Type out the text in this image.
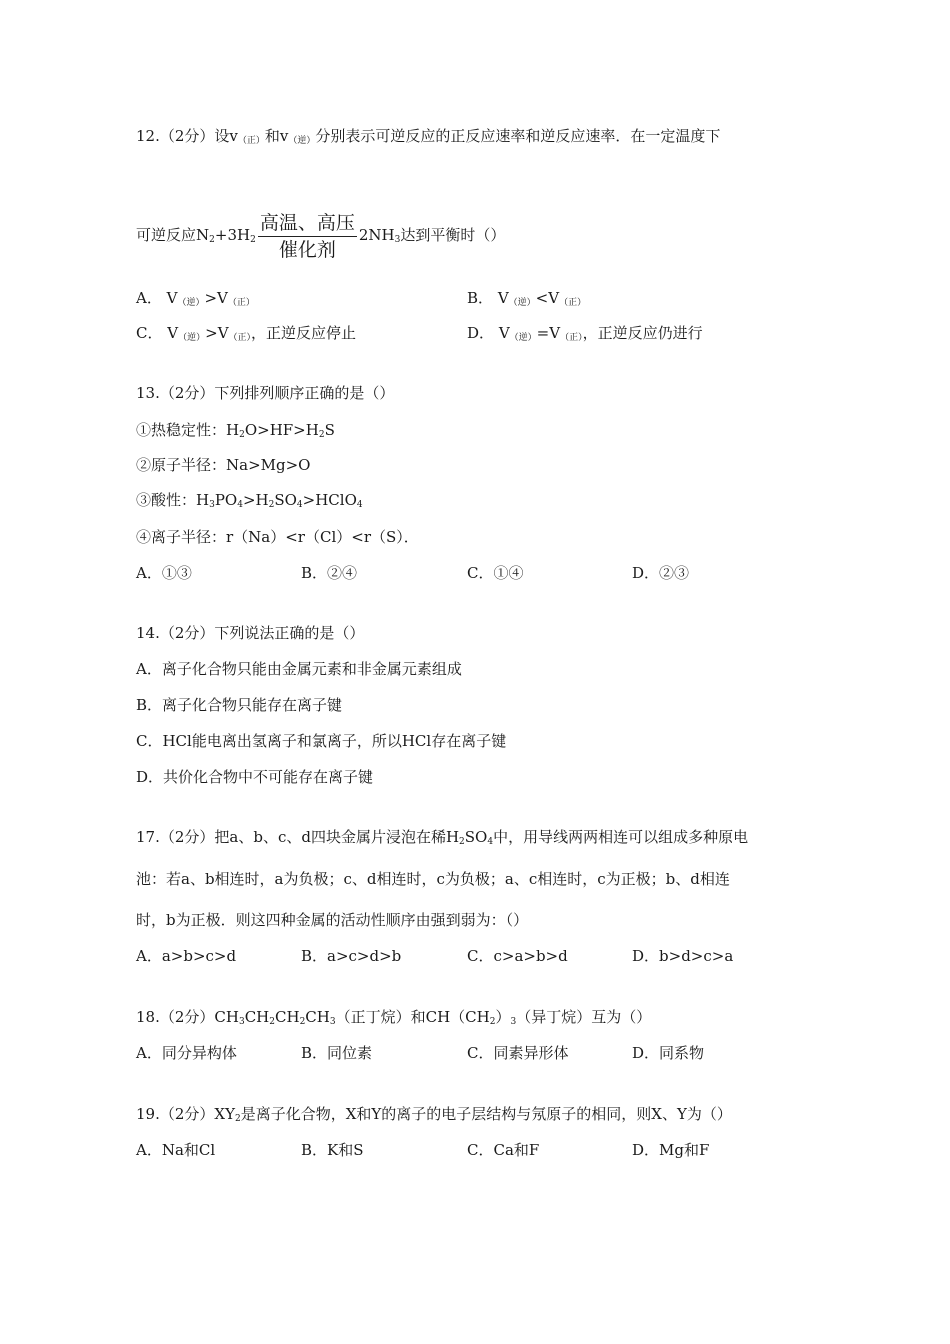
12.（2分）设v（正）和v（逆）分别表示可逆反应的正反应速率和逆反应速率．在一定温度下
可逆反应$N_2+3H_2 \frac{\text{高温、高压}}{\text{催化剂}} 2NH_3$达到平衡时（）
A． V（逆）>V（正）	B． V（逆）<V（正）
C． V（逆）>V（正），正逆反应停止	D． V（逆）=V（正），正逆反应仍进行
13.（2分）下列排列顺序正确的是（）
①热稳定性：$H_2O>HF>H_2S$
②原子半径：Na>Mg>O
③酸性：$H_3PO_4>H_2SO_4>HClO_4$
④离子半径：r（Na）<r（Cl）<r（S）．
A．①③	B．②④	C．①④	D．②③
14.（2分）下列说法正确的是（）
A．离子化合物只能由金属元素和非金属元素组成
B．离子化合物只能存在离子键
C．HCl能电离出氢离子和氯离子，所以HCl存在离子键
D．共价化合物中不可能存在离子键
17.（2分）把a、b、c、d四块金属片浸泡在稀$H_2SO_4$中，用导线两两相连可以组成多种原电
池：若a、b相连时，a为负极；c、d相连时，c为负极；a、c相连时，c为正极；b、d相连
时，b为正极．则这四种金属的活动性顺序由强到弱为：（）
A．a>b>c>d	B．a>c>d>b	C．c>a>b>d	D．b>d>c>a
18.（2分）$CH_3CH_2CH_2CH_3$（正丁烷）和$CH(CH_2)_3$（异丁烷）互为（）
A．同分异构体	B．同位素	C．同素异形体	D．同系物
19.（2分）$XY_2$是离子化合物，X和Y的离子的电子层结构与氖原子的相同，则X、Y为（）
A．Na和Cl	B．K和S	C．Ca和F	D．Mg和F
